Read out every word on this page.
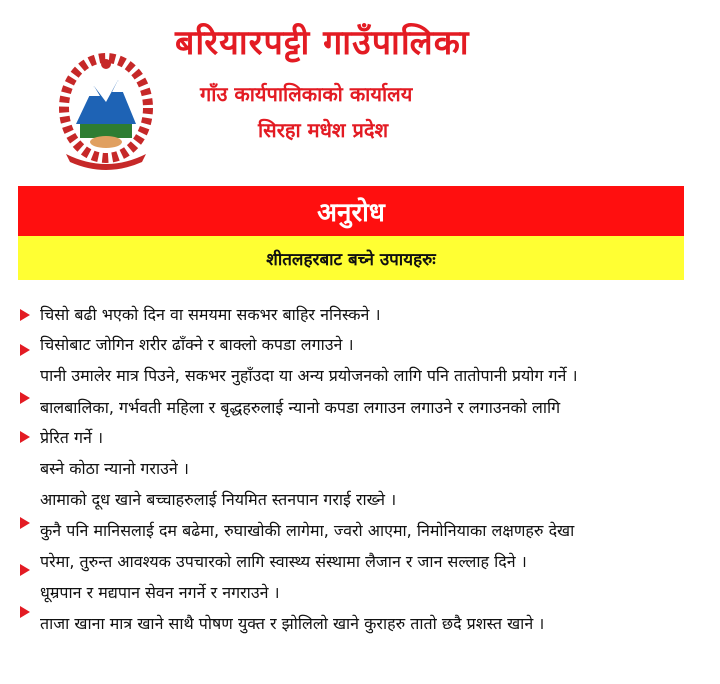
बरियारपट्टी गाउँपालिका
गाँउ कार्यपालिकाको कार्यालय
सिरहा मधेश प्रदेश
अनुरोध
शीतलहरबाट बच्ने उपायहरुः
चिसो बढी भएको दिन वा समयमा सकभर बाहिर ननिस्कने ।
चिसोबाट जोगिन शरीर ढाँक्ने र बाक्लो कपडा लगाउने ।
पानी उमालेर मात्र पिउने, सकभर नुहाँउदा या अन्य प्रयोजनको लागि पनि तातोपानी प्रयोग गर्ने ।
बालबालिका, गर्भवती महिला र बृद्धहरुलाई न्यानो कपडा लगाउन लगाउने र लगाउनको लागि
प्रेरित गर्ने ।
बस्ने कोठा न्यानो गराउने ।
आमाको दूध खाने बच्चाहरुलाई नियमित स्तनपान गराई राख्ने ।
कुनै पनि मानिसलाई दम बढेमा, रुघाखोकी लागेमा, ज्वरो आएमा, निमोनियाका लक्षणहरु देखा
परेमा, तुरुन्त आवश्यक उपचारको लागि स्वास्थ्य संस्थामा लैजान र जान सल्लाह दिने ।
धूम्रपान र मद्यपान सेवन नगर्ने र नगराउने ।
ताजा खाना मात्र खाने साथै पोषण युक्त र झोलिलो खाने कुराहरु तातो छदै प्रशस्त खाने ।
